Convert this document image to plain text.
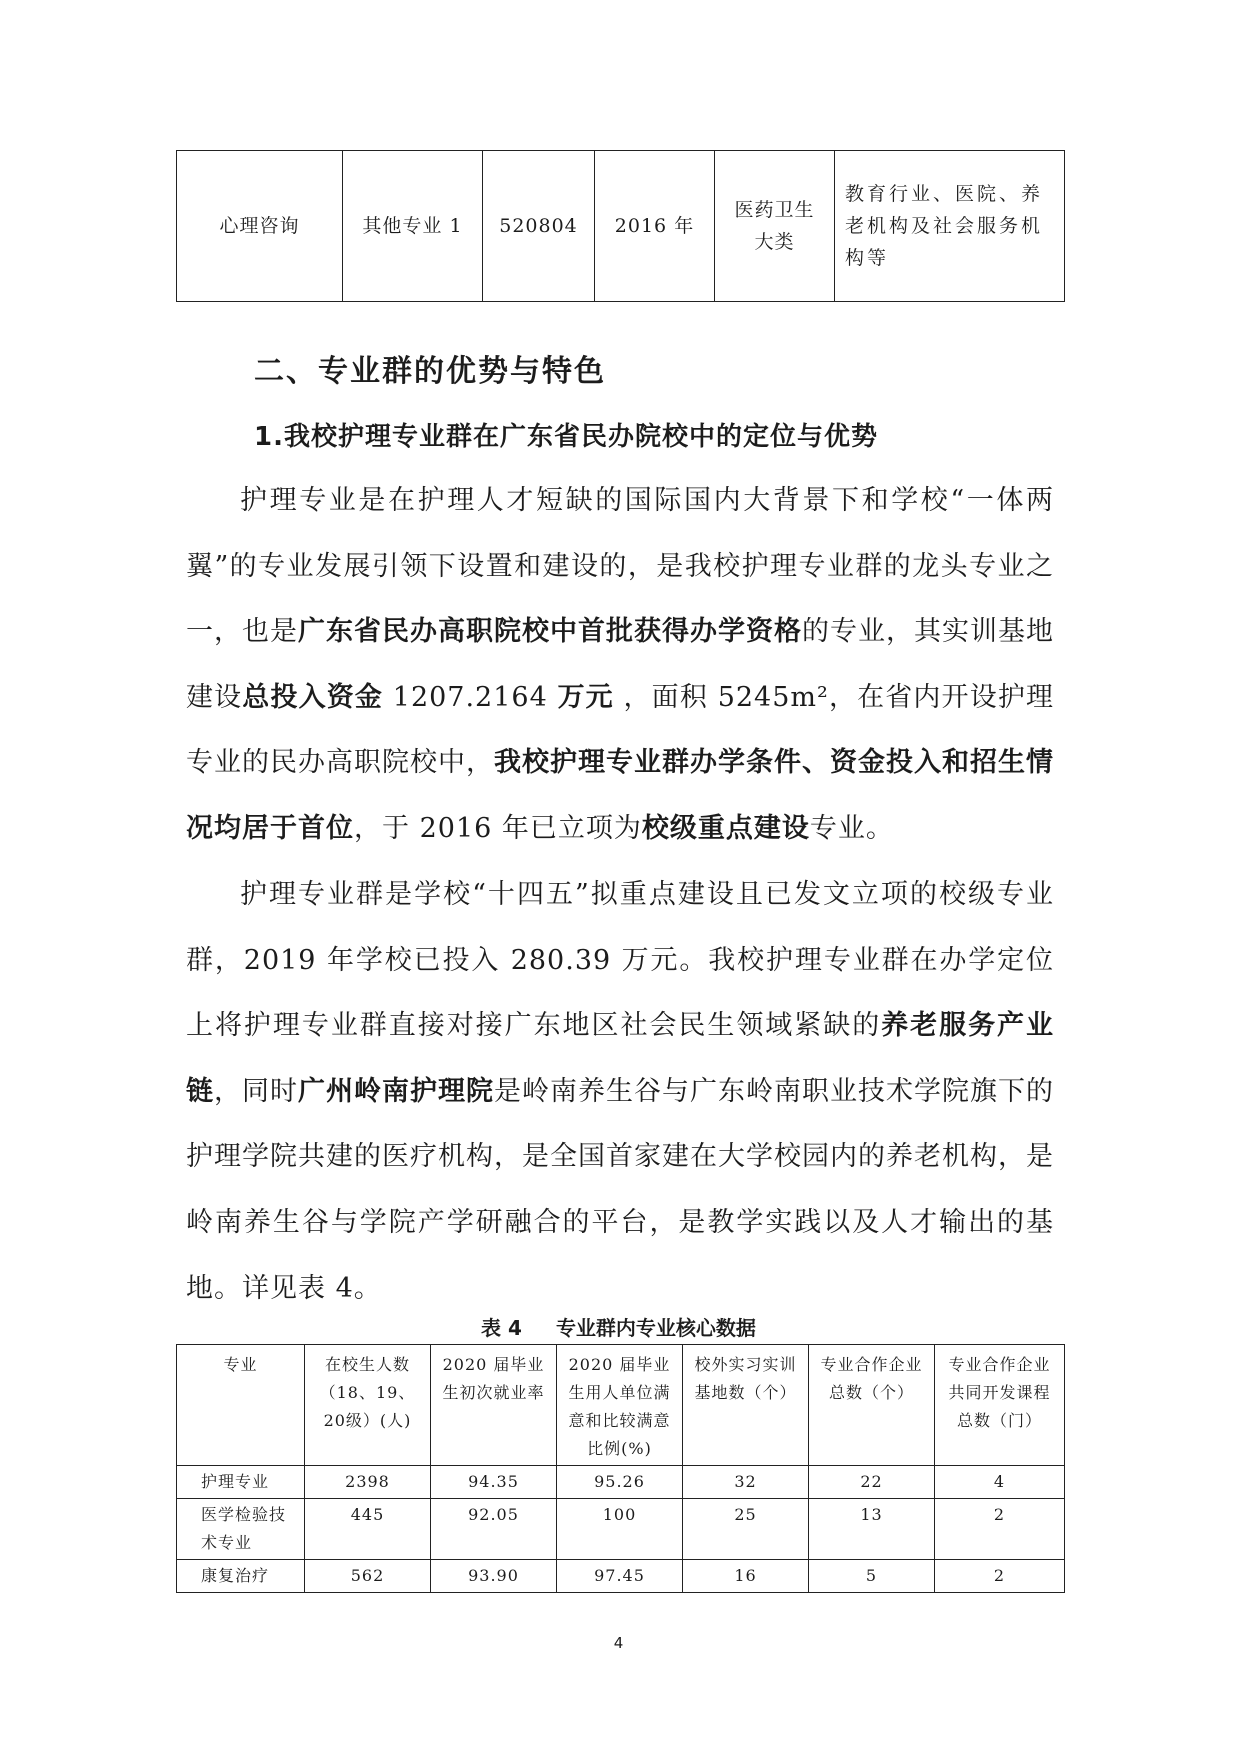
心理咨询	其他专业 1	520804	2016 年	医药卫生大类	教育行业、医院、养老机构及社会服务机构等
二、专业群的优势与特色
1.我校护理专业群在广东省民办院校中的定位与优势
护理专业是在护理人才短缺的国际国内大背景下和学校“一体两翼”的专业发展引领下设置和建设的，是我校护理专业群的龙头专业之一，也是广东省民办高职院校中首批获得办学资格的专业，其实训基地建设总投入资金 1207.2164 万元 ，面积 5245m²，在省内开设护理专业的民办高职院校中，我校护理专业群办学条件、资金投入和招生情况均居于首位，于 2016 年已立项为校级重点建设专业。
护理专业群是学校“十四五”拟重点建设且已发文立项的校级专业群，2019 年学校已投入 280.39 万元。我校护理专业群在办学定位上将护理专业群直接对接广东地区社会民生领域紧缺的养老服务产业链，同时广州岭南护理院是岭南养生谷与广东岭南职业技术学院旗下的护理学院共建的医疗机构，是全国首家建在大学校园内的养老机构，是岭南养生谷与学院产学研融合的平台，是教学实践以及人才输出的基地。详见表 4。
表 4 专业群内专业核心数据
专业	在校生人数（18、19、20级）(人)	2020 届毕业生初次就业率	2020 届毕业生用人单位满意和比较满意比例(%)	校外实习实训基地数（个）	专业合作企业总数（个）	专业合作企业共同开发课程总数（门）
护理专业	2398	94.35	95.26	32	22	4
医学检验技术专业	445	92.05	100	25	13	2
康复治疗	562	93.90	97.45	16	5	2
4
